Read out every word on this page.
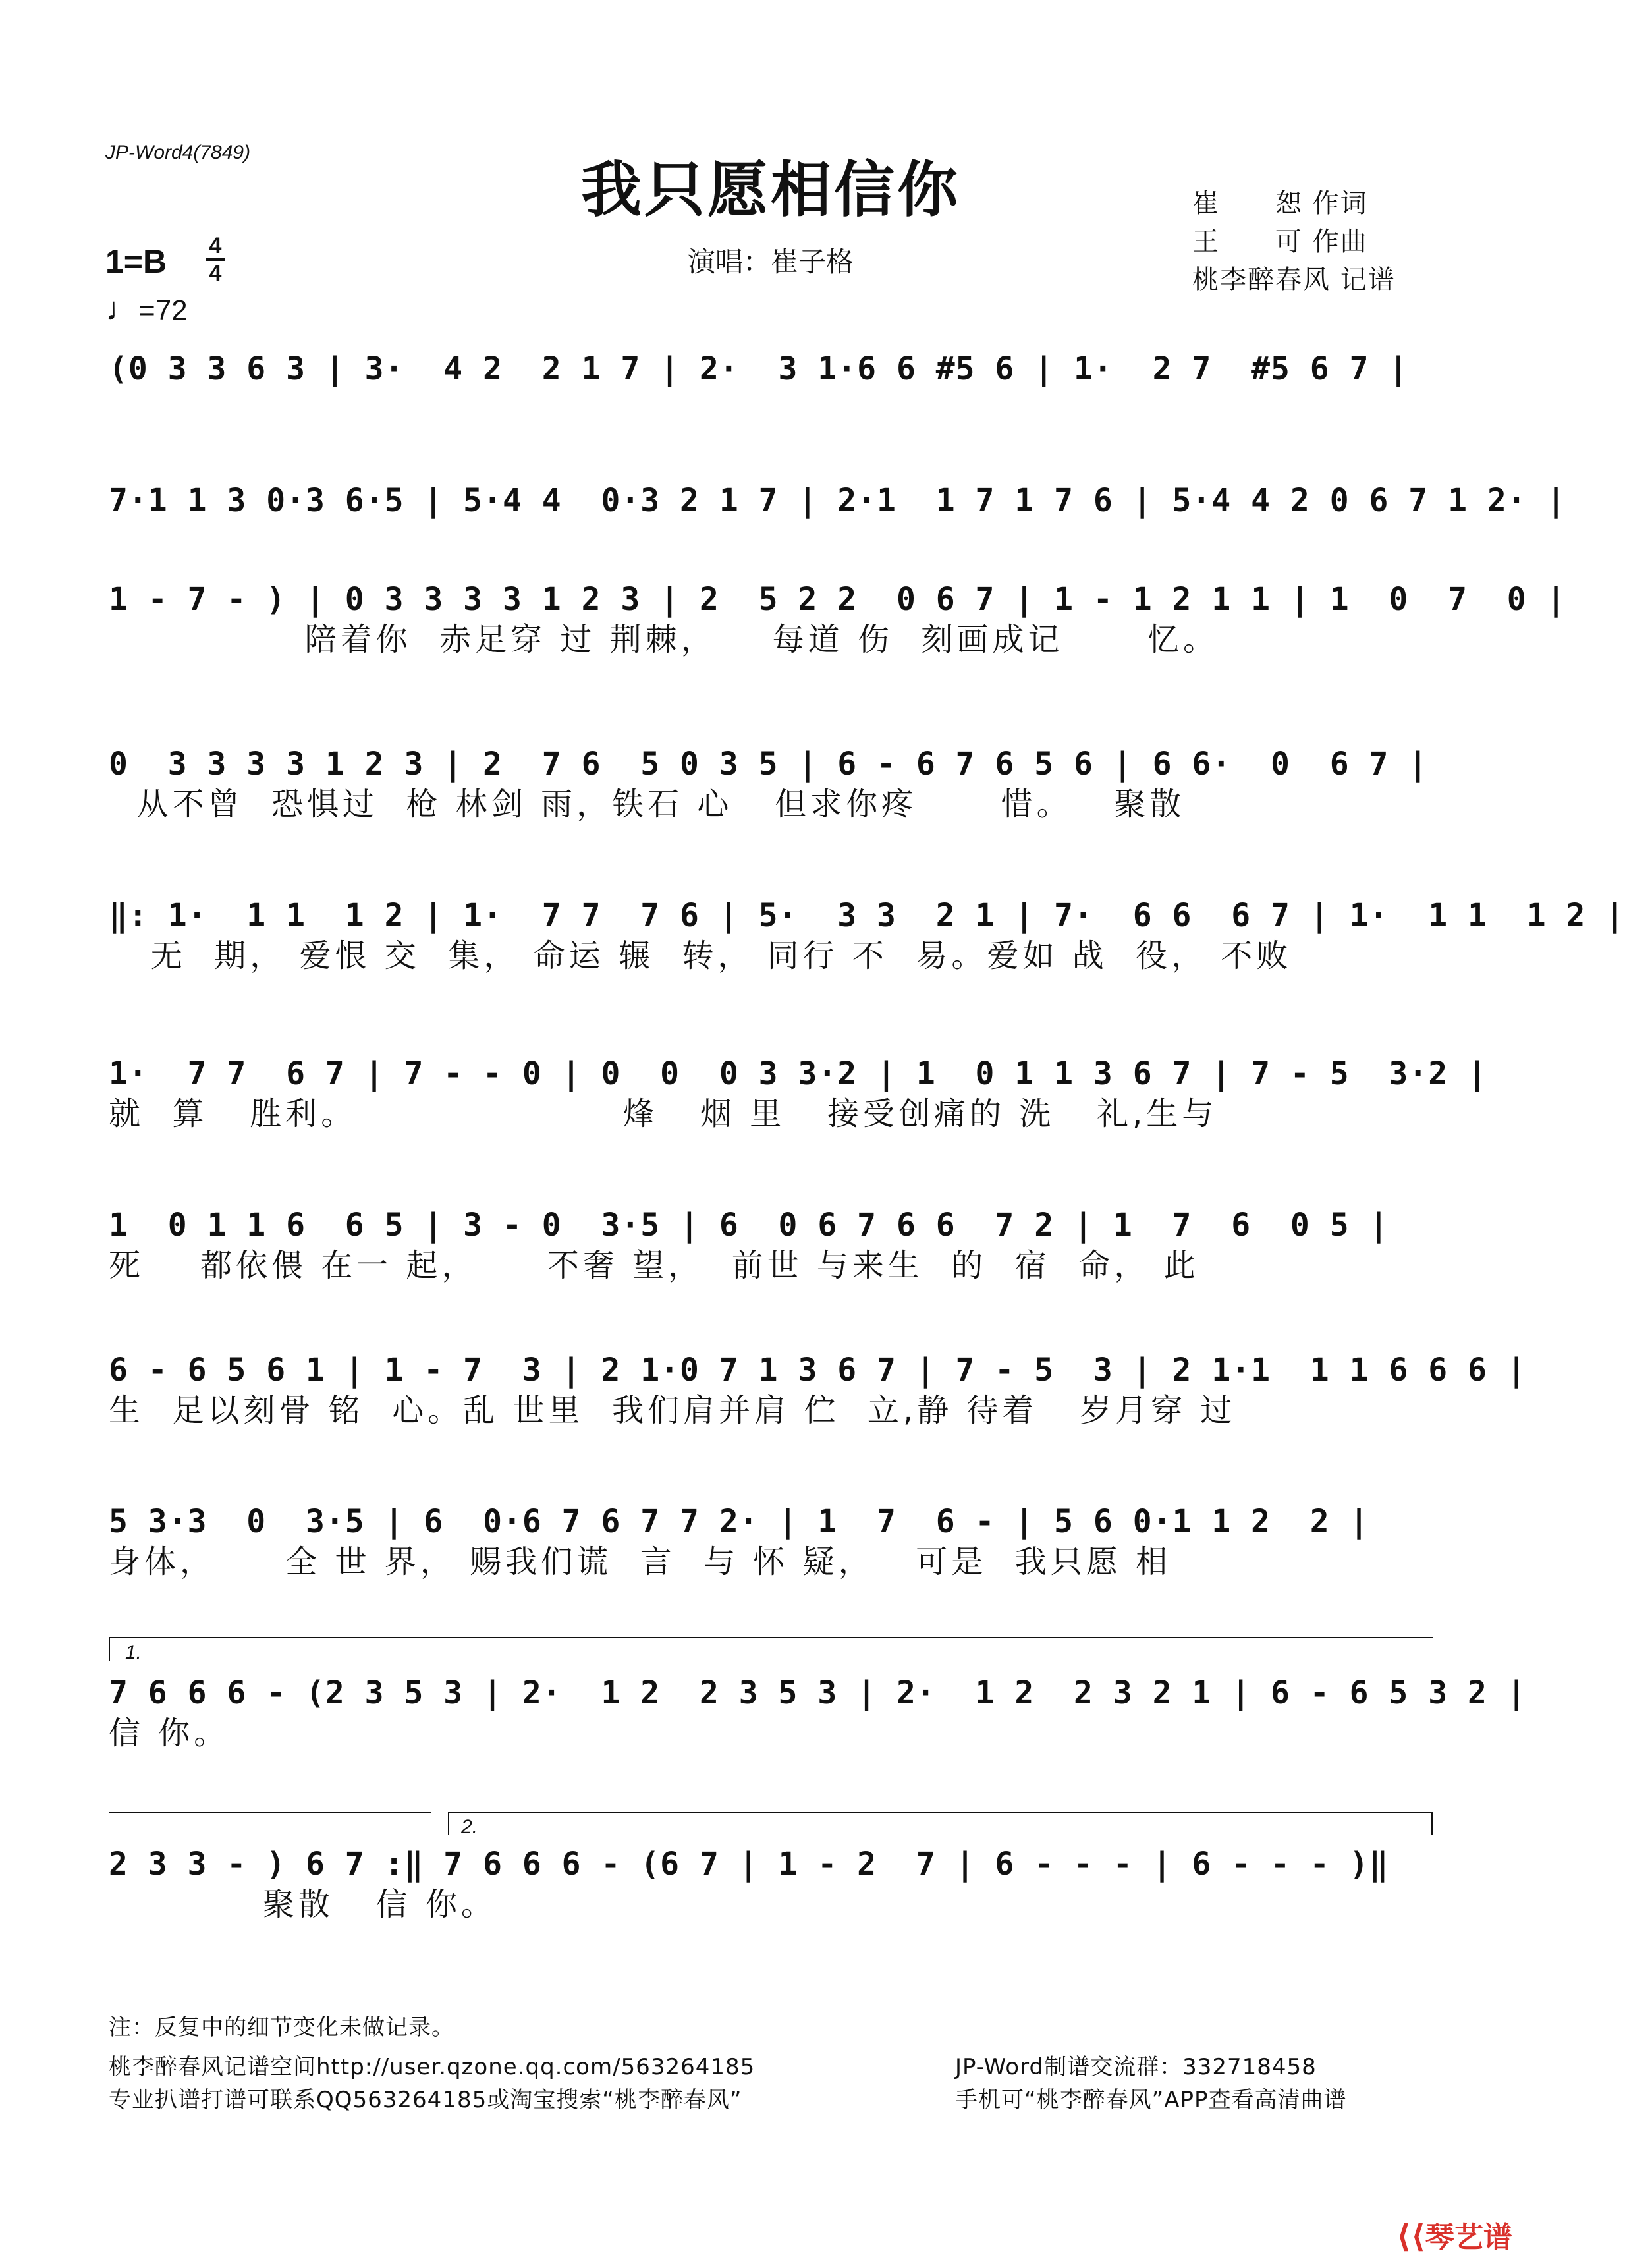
JP-Word4(7849)
我只愿相信你
演唱：崔子格
崔　　恕 作词
王　　可 作曲
桃李醉春风 记谱
1=B 4
4
♩=72
(0 3 3 6 3 | 3·  4 2  2 1 7 | 2·  3 1·6 6 #5 6 | 1·  2 7  #5 6 7 |
7·1 1 3 0·3 6·5 | 5·4 4  0·3 2 1 7 | 2·1  1 7 1 7 6 | 5·4 4 2 0 6 7 1 2· |
1 - 7 - ) | 0 3 3 3 3 1 2 3 | 2  5 2 2  0 6 7 | 1 - 1 2 1 1 | 1  0  7  0 |
陪着你  赤足穿 过 荆棘，    每道 伤  刻画成记      忆。
0  3 3 3 3 1 2 3 | 2  7 6  5 0 3 5 | 6 - 6 7 6 5 6 | 6 6·  0  6 7 |
从不曾  恐惧过  枪 林剑 雨，铁石 心   但求你疼      惜。   聚散
‖: 1·  1 1  1 2 | 1·  7 7  7 6 | 5·  3 3  2 1 | 7·  6 6  6 7 | 1·  1 1  1 2 |
无  期， 爱恨 交  集， 命运 辗  转， 同行 不  易。爱如 战  役， 不败
1·  7 7  6 7 | 7 - - 0 | 0  0  0 3 3·2 | 1  0 1 1 3 6 7 | 7 - 5  3·2 |
就  算   胜利。                   烽   烟 里   接受创痛的 洗   礼,生与
1  0 1 1 6  6 5 | 3 - 0  3·5 | 6  0 6 7 6 6  7 2 | 1  7  6  0 5 |
死    都依偎 在一 起，     不奢 望，  前世 与来生  的  宿  命， 此
6 - 6 5 6 1 | 1 - 7  3 | 2 1·0 7 1 3 6 7 | 7 - 5  3 | 2 1·1  1 1 6 6 6 |
生  足以刻骨 铭  心。乱 世里  我们肩并肩 伫  立,静 待着   岁月穿 过
5 3·3  0  3·5 | 6  0·6 7 6 7 7 2· | 1  7  6 - | 5 6 0·1 1 2  2 |
身体，     全 世 界， 赐我们谎  言  与 怀 疑，   可是  我只愿 相
1.
7 6 6 6 - (2 3 5 3 | 2·  1 2  2 3 5 3 | 2·  1 2  2 3 2 1 | 6 - 6 5 3 2 |
信 你。
2.
2 3 3 - ) 6 7 :‖ 7 6 6 6 - (6 7 | 1 - 2  7 | 6 - - - | 6 - - - )‖
聚散   信 你。
注：反复中的细节变化未做记录。
桃李醉春风记谱空间http://user.qzone.qq.com/563264185
专业扒谱打谱可联系QQ563264185或淘宝搜索“桃李醉春风”
JP-Word制谱交流群：332718458
手机可“桃李醉春风”APP查看高清曲谱
⟨⟨琴艺谱
